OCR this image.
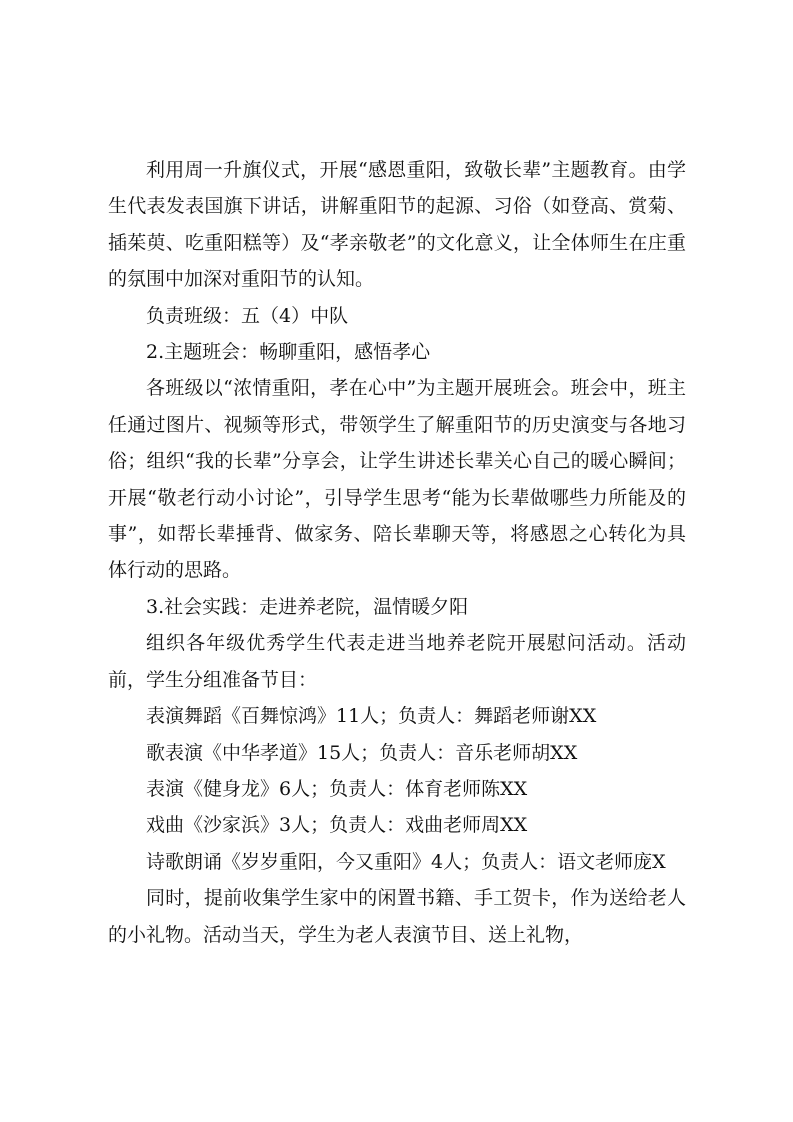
利用周一升旗仪式，开展“感恩重阳，致敬长辈”主题教育。由学生代表发表国旗下讲话，讲解重阳节的起源、习俗（如登高、赏菊、插茱萸、吃重阳糕等）及“孝亲敬老”的文化意义，让全体师生在庄重的氛围中加深对重阳节的认知。

负责班级：五（4）中队

2.主题班会：畅聊重阳，感悟孝心

各班级以“浓情重阳，孝在心中”为主题开展班会。班会中，班主任通过图片、视频等形式，带领学生了解重阳节的历史演变与各地习俗；组织“我的长辈”分享会，让学生讲述长辈关心自己的暖心瞬间；开展“敬老行动小讨论”，引导学生思考“能为长辈做哪些力所能及的事”，如帮长辈捶背、做家务、陪长辈聊天等，将感恩之心转化为具体行动的思路。

3.社会实践：走进养老院，温情暖夕阳

组织各年级优秀学生代表走进当地养老院开展慰问活动。活动前，学生分组准备节目：

表演舞蹈《百舞惊鸿》11人；负责人：舞蹈老师谢XX

歌表演《中华孝道》15人；负责人：音乐老师胡XX

表演《健身龙》6人；负责人：体育老师陈XX

戏曲《沙家浜》3人；负责人：戏曲老师周XX

诗歌朗诵《岁岁重阳，今又重阳》4人；负责人：语文老师庞X

同时，提前收集学生家中的闲置书籍、手工贺卡，作为送给老人的小礼物。活动当天，学生为老人表演节目、送上礼物，
